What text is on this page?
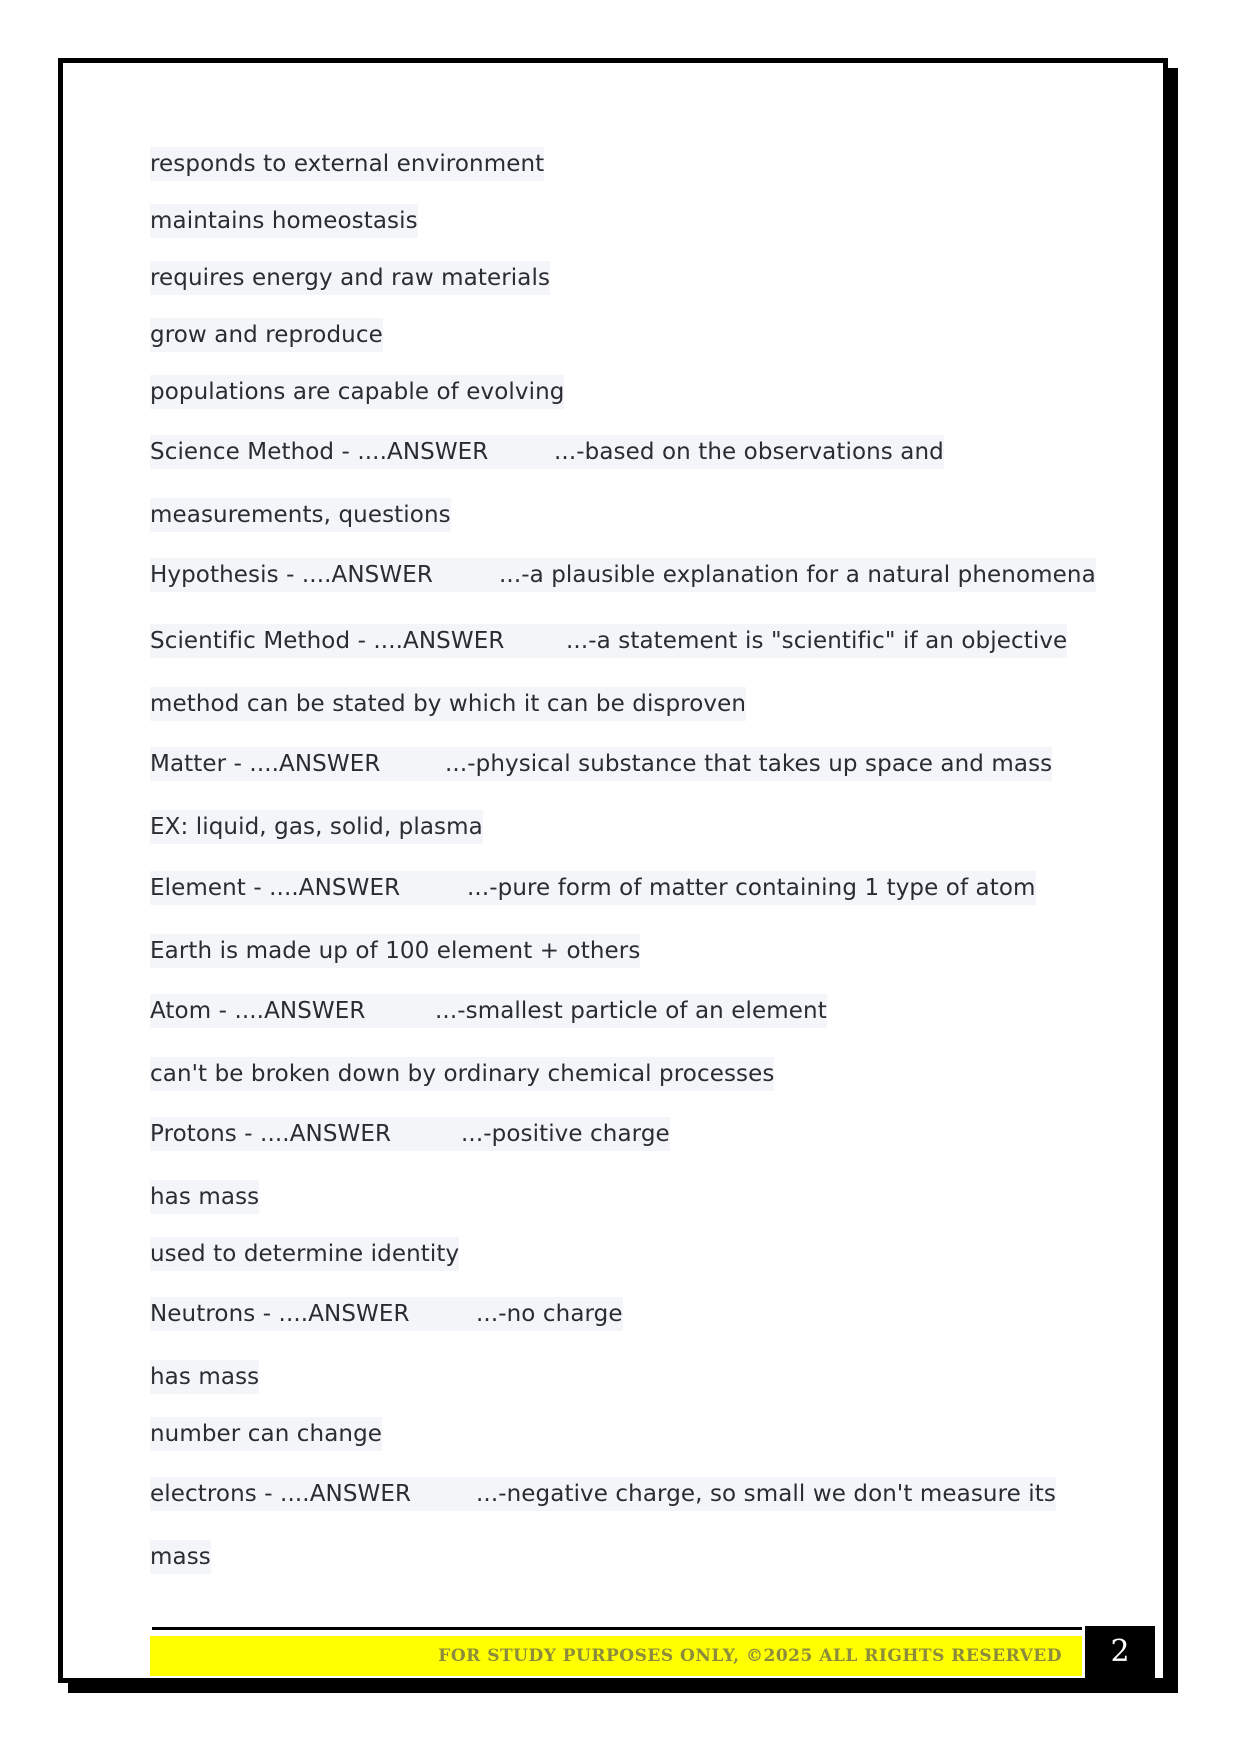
responds to external environment
maintains homeostasis
requires energy and raw materials
grow and reproduce
populations are capable of evolving
Science Method - ....ANSWER	...-based on the observations and
measurements, questions
Hypothesis - ....ANSWER	...-a plausible explanation for a natural phenomena
Scientific Method - ....ANSWER	...-a statement is "scientific" if an objective
method can be stated by which it can be disproven
Matter - ....ANSWER	...-physical substance that takes up space and mass
EX: liquid, gas, solid, plasma
Element - ....ANSWER	...-pure form of matter containing 1 type of atom
Earth is made up of 100 element + others
Atom - ....ANSWER	...-smallest particle of an element
can't be broken down by ordinary chemical processes
Protons - ....ANSWER	...-positive charge
has mass
used to determine identity
Neutrons - ....ANSWER	...-no charge
has mass
number can change
electrons - ....ANSWER	...-negative charge, so small we don't measure its
mass
FOR STUDY PURPOSES ONLY, ©2025 ALL RIGHTS RESERVED	2
